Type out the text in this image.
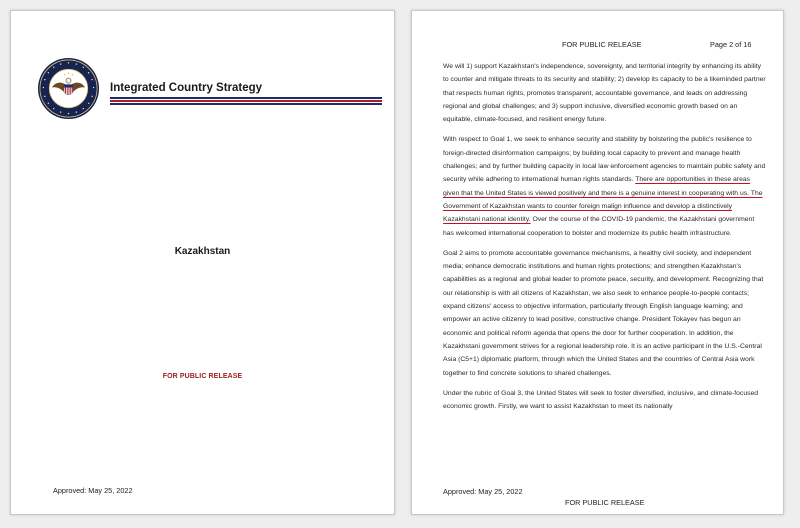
Integrated Country Strategy
Kazakhstan
FOR PUBLIC RELEASE
Approved: May 25, 2022
FOR PUBLIC RELEASE	Page 2 of 16

We will 1) support Kazakhstan's independence, sovereignty, and territorial integrity by enhancing its ability to counter and mitigate threats to its security and stability; 2) develop its capacity to be a likeminded partner that respects human rights, promotes transparent, accountable governance, and leads on addressing regional and global challenges; and 3) support inclusive, diversified economic growth based on an equitable, climate-focused, and resilient energy future.

With respect to Goal 1, we seek to enhance security and stability by bolstering the public's resilience to foreign-directed disinformation campaigns; by building local capacity to prevent and manage health challenges; and by further building capacity in local law enforcement agencies to maintain public safety and security while adhering to international human rights standards. There are opportunities in these areas given that the United States is viewed positively and there is a genuine interest in cooperating with us. The Government of Kazakhstan wants to counter foreign malign influence and develop a distinctively Kazakhstani national identity. Over the course of the COVID-19 pandemic, the Kazakhstani government has welcomed international cooperation to bolster and modernize its public health infrastructure.

Goal 2 aims to promote accountable governance mechanisms, a healthy civil society, and independent media; enhance democratic institutions and human rights protections; and strengthen Kazakhstan's capabilities as a regional and global leader to promote peace, security, and development. Recognizing that our relationship is with all citizens of Kazakhstan, we also seek to enhance people-to-people contacts; expand citizens' access to objective information, particularly through English language learning; and empower an active citizenry to lead positive, constructive change. President Tokayev has begun an economic and political reform agenda that opens the door for further cooperation. In addition, the Kazakhstani government strives for a regional leadership role. It is an active participant in the U.S.-Central Asia (C5+1) diplomatic platform, through which the United States and the countries of Central Asia work together to find concrete solutions to shared challenges.

Under the rubric of Goal 3, the United States will seek to foster diversified, inclusive, and climate-focused economic growth. Firstly, we want to assist Kazakhstan to meet its nationally

Approved: May 25, 2022
FOR PUBLIC RELEASE
